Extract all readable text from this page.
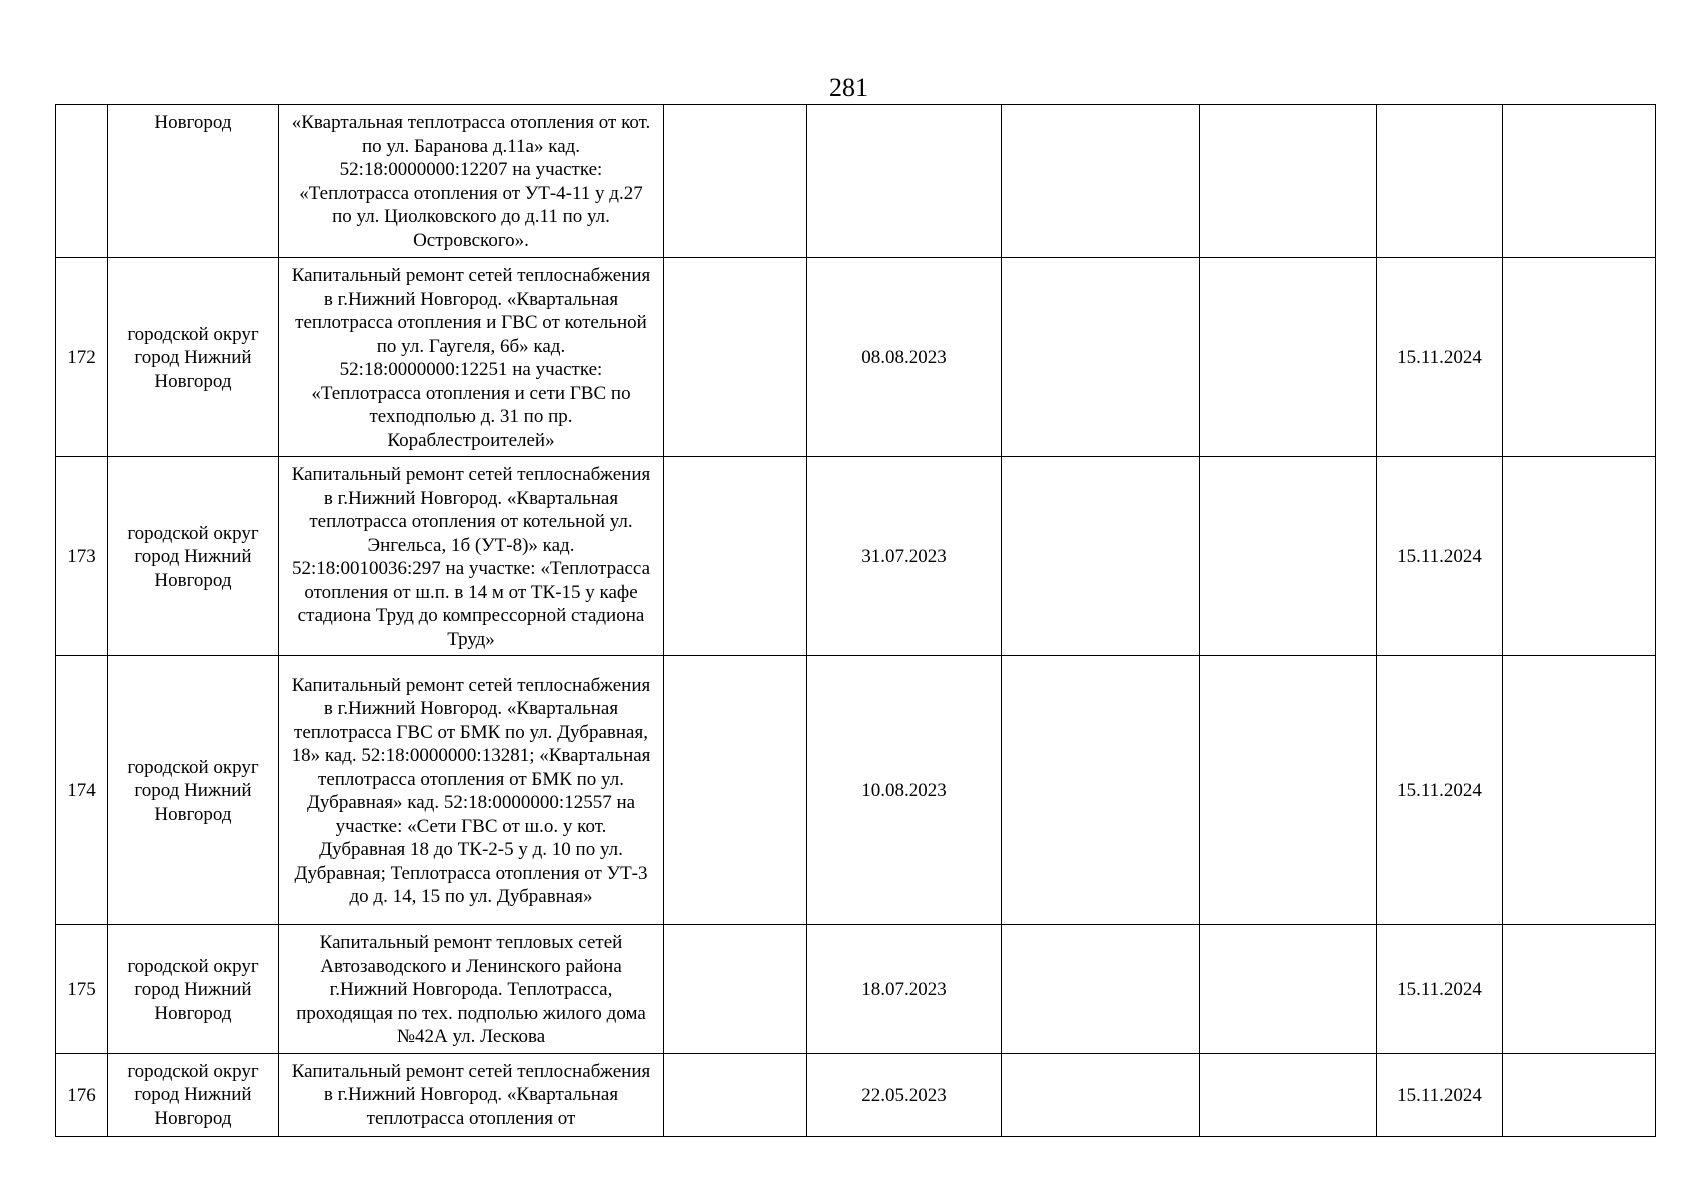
281
	Новгород	«Квартальная теплотрасса отопления от кот. по ул. Баранова д.11а» кад. 52:18:0000000:12207 на участке: «Теплотрасса отопления от УТ-4-11 у д.27 по ул. Циолковского до д.11 по ул. Островского».						
172	городской округ город Нижний Новгород	Капитальный ремонт сетей теплоснабжения в г.Нижний Новгород. «Квартальная теплотрасса отопления и ГВС от котельной по ул. Гаугеля, 6б» кад. 52:18:0000000:12251 на участке: «Теплотрасса отопления и сети ГВС по техподполью д. 31 по пр. Кораблестроителей»		08.08.2023			15.11.2024	
173	городской округ город Нижний Новгород	Капитальный ремонт сетей теплоснабжения в г.Нижний Новгород. «Квартальная теплотрасса отопления от котельной ул. Энгельса, 1б (УТ-8)» кад. 52:18:0010036:297 на участке: «Теплотрасса отопления от ш.п. в 14 м от ТК-15 у кафе стадиона Труд до компрессорной стадиона Труд»		31.07.2023			15.11.2024	
174	городской округ город Нижний Новгород	Капитальный ремонт сетей теплоснабжения в г.Нижний Новгород. «Квартальная теплотрасса ГВС от БМК по ул. Дубравная, 18» кад. 52:18:0000000:13281; «Квартальная теплотрасса отопления от БМК по ул. Дубравная» кад. 52:18:0000000:12557 на участке: «Сети ГВС от ш.о. у кот. Дубравная 18 до ТК-2-5 у д. 10 по ул. Дубравная; Теплотрасса отопления от УТ-3 до д. 14, 15 по ул. Дубравная»		10.08.2023			15.11.2024	
175	городской округ город Нижний Новгород	Капитальный ремонт тепловых сетей Автозаводского и Ленинского района г.Нижний Новгорода. Теплотрасса, проходящая по тех. подполью жилого дома №42А ул. Лескова		18.07.2023			15.11.2024	
176	городской округ город Нижний Новгород	Капитальный ремонт сетей теплоснабжения в г.Нижний Новгород. «Квартальная теплотрасса отопления от		22.05.2023			15.11.2024	
